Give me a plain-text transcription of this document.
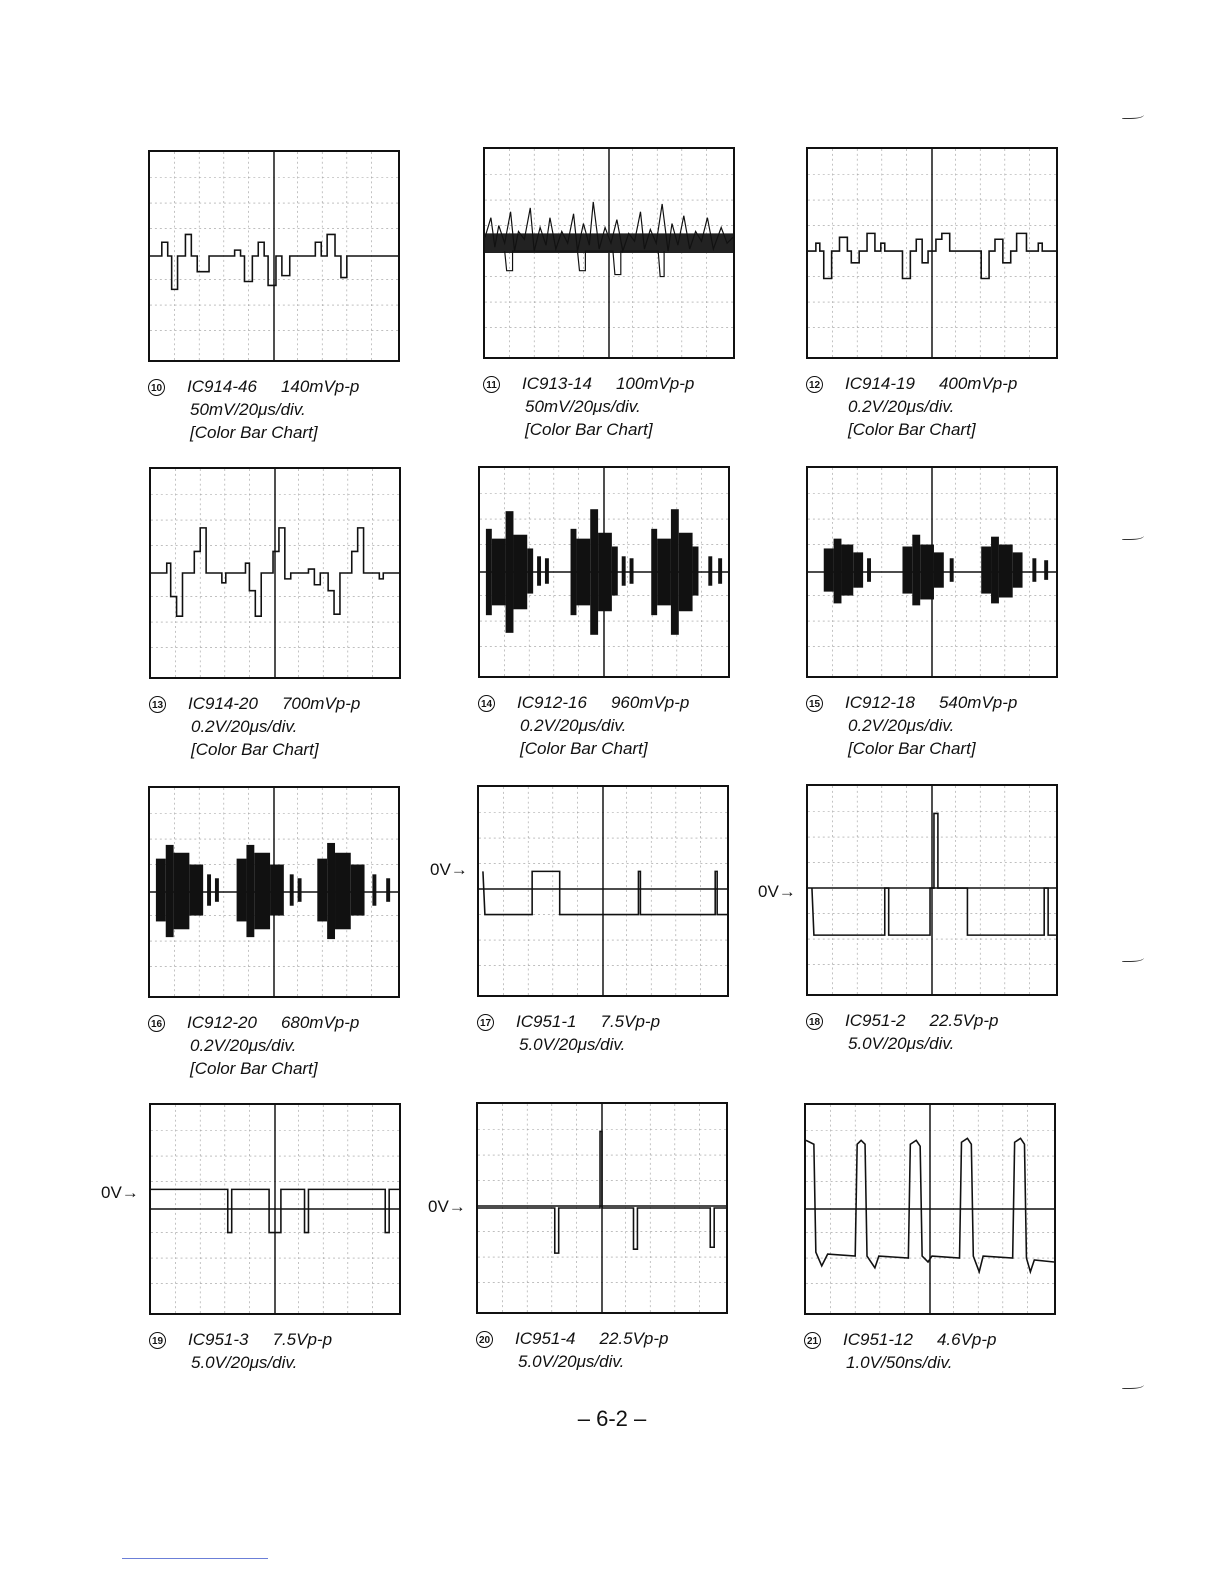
10 IC914-46 140mVp-p
50mV/20μs/div.
[Color Bar Chart]
11 IC913-14 100mVp-p
50mV/20μs/div.
[Color Bar Chart]
12 IC914-19 400mVp-p
0.2V/20μs/div.
[Color Bar Chart]
13 IC914-20 700mVp-p
0.2V/20μs/div.
[Color Bar Chart]
14 IC912-16 960mVp-p
0.2V/20μs/div.
[Color Bar Chart]
15 IC912-18 540mVp-p
0.2V/20μs/div.
[Color Bar Chart]
16 IC912-20 680mVp-p
0.2V/20μs/div.
[Color Bar Chart]
0V→
17 IC951-1 7.5Vp-p
5.0V/20μs/div.
0V→
18 IC951-2 22.5Vp-p
5.0V/20μs/div.
0V→
19 IC951-3 7.5Vp-p
5.0V/20μs/div.
0V→
20 IC951-4 22.5Vp-p
5.0V/20μs/div.
21 IC951-12 4.6Vp-p
1.0V/50ns/div.
– 6-2 –
